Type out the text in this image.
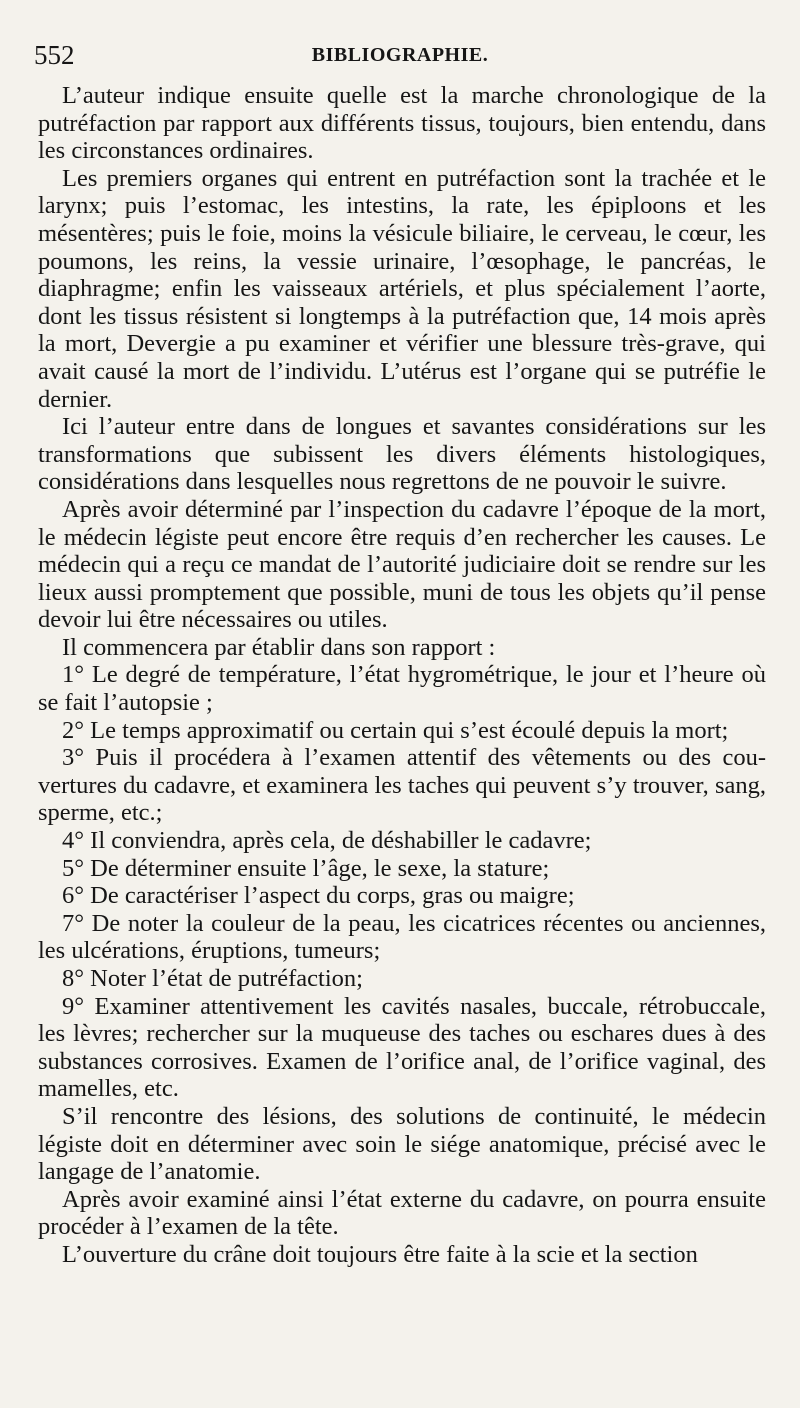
552	BIBLIOGRAPHIE.

L’auteur indique ensuite quelle est la marche chronologique de la putréfaction par rapport aux différents tissus, toujours, bien entendu, dans les circonstances ordinaires.

Les premiers organes qui entrent en putréfaction sont la trachée et le larynx; puis l’estomac, les intestins, la rate, les épiploons et les mésentères; puis le foie, moins la vésicule biliaire, le cerveau, le cœur, les poumons, les reins, la vessie urinaire, l’œsophage, le pancréas, le diaphragme; enfin les vaisseaux artériels, et plus spécialement l’aorte, dont les tissus résistent si longtemps à la putréfaction que, 14 mois après la mort, Devergie a pu examiner et vérifier une blessure très-grave, qui avait causé la mort de l’individu. L’utérus est l’organe qui se putréfie le dernier.

Ici l’auteur entre dans de longues et savantes considérations sur les transformations que subissent les divers éléments histologiques, considérations dans lesquelles nous regrettons de ne pouvoir le suivre.

Après avoir déterminé par l’inspection du cadavre l’époque de la mort, le médecin légiste peut encore être requis d’en rechercher les causes. Le médecin qui a reçu ce mandat de l’autorité judiciaire doit se rendre sur les lieux aussi promptement que possible, muni de tous les objets qu’il pense devoir lui être nécessaires ou utiles.

Il commencera par établir dans son rapport :

1° Le degré de température, l’état hygrométrique, le jour et l’heure où se fait l’autopsie ;

2° Le temps approximatif ou certain qui s’est écoulé depuis la mort;

3° Puis il procédera à l’examen attentif des vêtements ou des couvertures du cadavre, et examinera les taches qui peuvent s’y trouver, sang, sperme, etc.;

4° Il conviendra, après cela, de déshabiller le cadavre;

5° De déterminer ensuite l’âge, le sexe, la stature;

6° De caractériser l’aspect du corps, gras ou maigre;

7° De noter la couleur de la peau, les cicatrices récentes ou anciennes, les ulcérations, éruptions, tumeurs;

8° Noter l’état de putréfaction;

9° Examiner attentivement les cavités nasales, buccale, rétrobuccale, les lèvres; rechercher sur la muqueuse des taches ou eschares dues à des substances corrosives. Examen de l’orifice anal, de l’orifice vaginal, des mamelles, etc.

S’il rencontre des lésions, des solutions de continuité, le médecin légiste doit en déterminer avec soin le siége anatomique, précisé avec le langage de l’anatomie.

Après avoir examiné ainsi l’état externe du cadavre, on pourra ensuite procéder à l’examen de la tête.

L’ouverture du crâne doit toujours être faite à la scie et la section
